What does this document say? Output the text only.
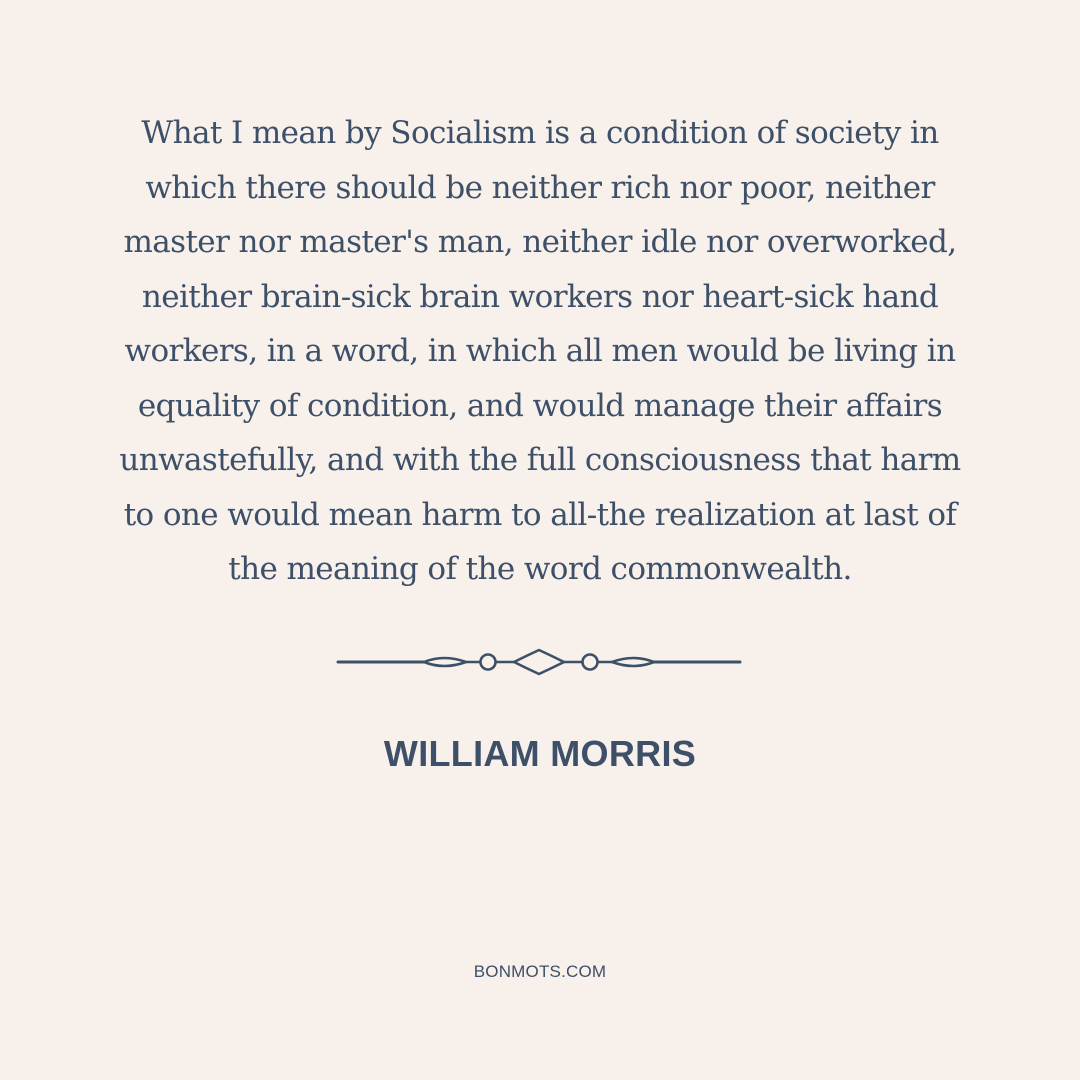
What I mean by Socialism is a condition of society in
which there should be neither rich nor poor, neither
master nor master's man, neither idle nor overworked,
neither brain-sick brain workers nor heart-sick hand
workers, in a word, in which all men would be living in
equality of condition, and would manage their affairs
unwastefully, and with the full consciousness that harm
to one would mean harm to all-the realization at last of
the meaning of the word commonwealth.

WILLIAM MORRIS
BONMOTS.COM
